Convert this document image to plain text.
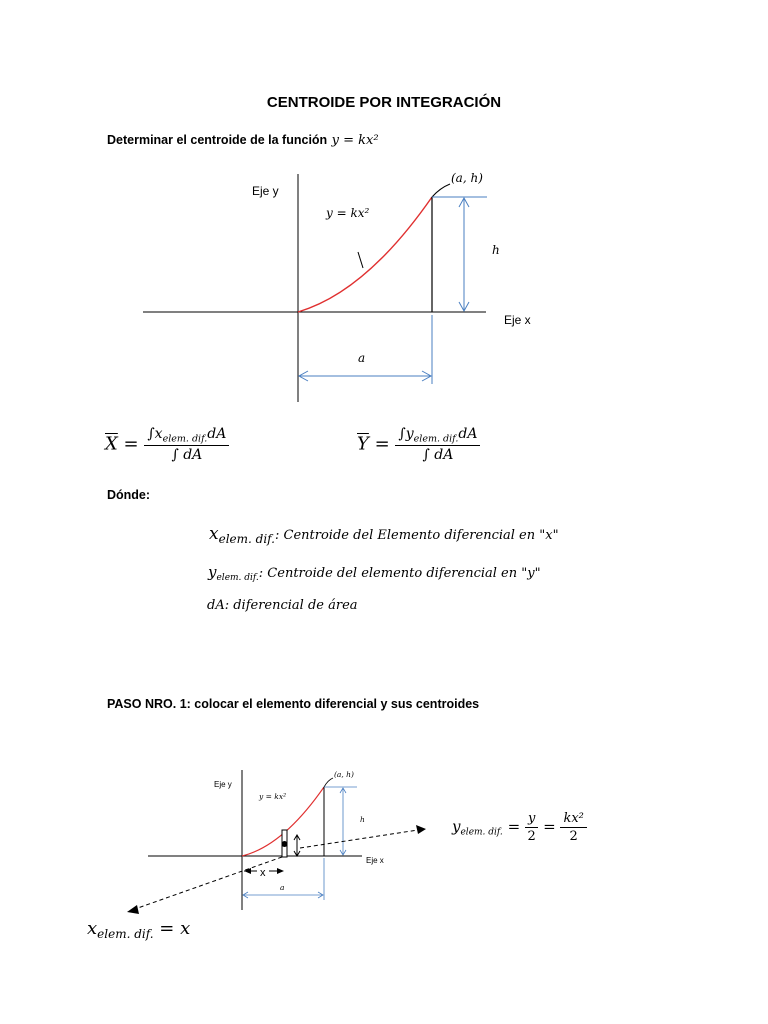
CENTROIDE POR INTEGRACIÓN
Determinar el centroide de la función y = kx²
Eje y
Eje x
y = kx²
(a, h)
h
a
$\overline{X} = \frac{\int x_{elem. dif.}dA}{\int dA}$	$\overline{Y} = \frac{\int y_{elem. dif.}dA}{\int dA}$
Dónde:
xelem. dif.: Centroide del Elemento diferencial en "x"
$y_{elem. dif.}$: Centroide del elemento diferencial en "y"
dA: diferencial de área
PASO NRO. 1: colocar el elemento diferencial y sus centroides
Eje y
Eje x
y = kx²
(a, h)
h
a
x
$y_{elem. dif.} = \frac{y}{2} = \frac{\text{kx²}}{2}$
$x_{elem. dif.} = x$
